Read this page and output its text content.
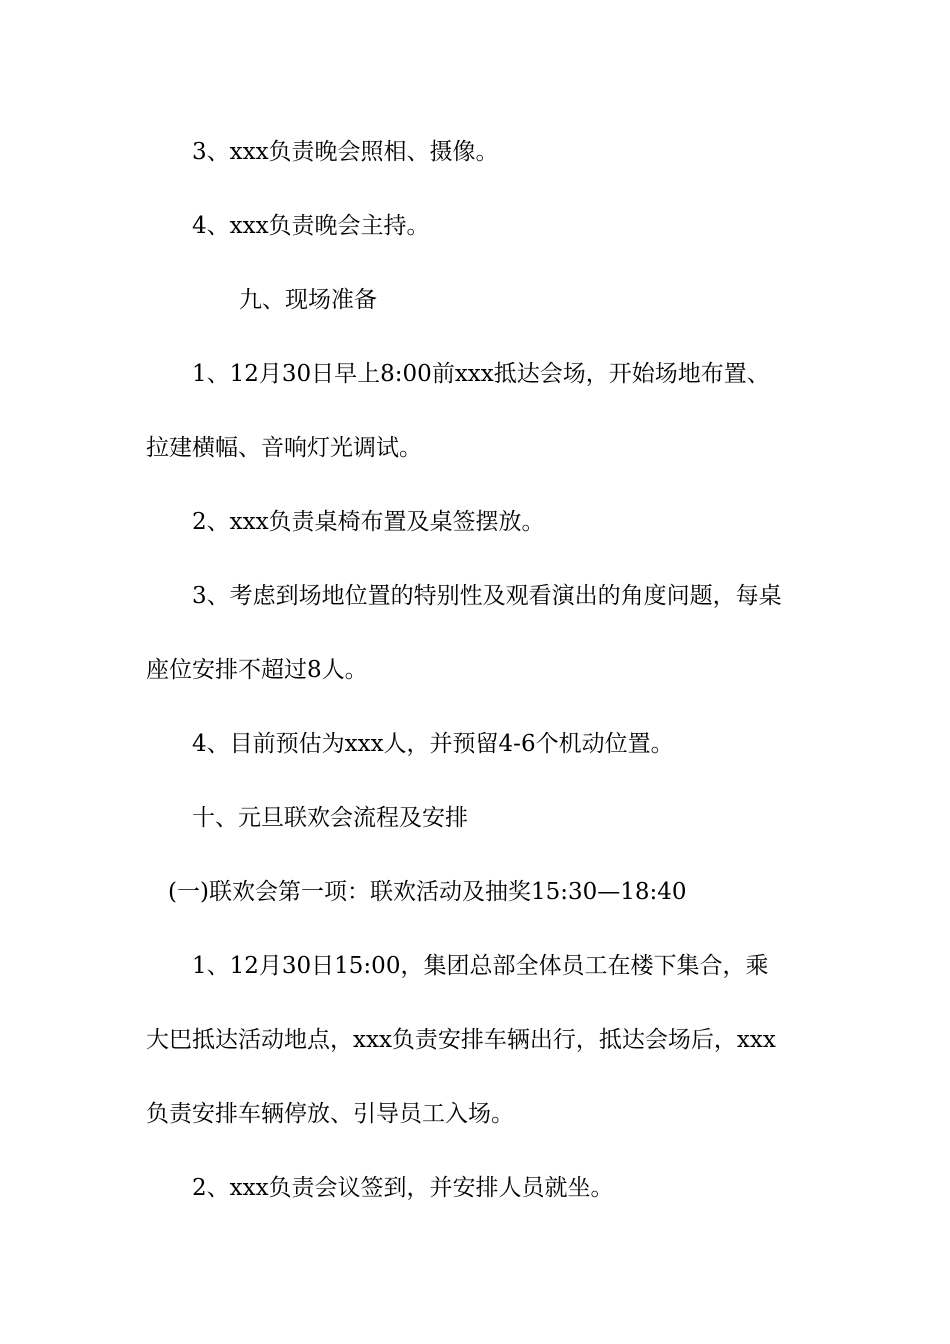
3、xxx负责晚会照相、摄像。

4、xxx负责晚会主持。

九、现场准备

1、12月30日早上8:00前xxx抵达会场，开始场地布置、

拉建横幅、音响灯光调试。

2、xxx负责桌椅布置及桌签摆放。

3、考虑到场地位置的特别性及观看演出的角度问题，每桌

座位安排不超过8人。

4、目前预估为xxx人，并预留4-6个机动位置。

十、元旦联欢会流程及安排

(一)联欢会第一项：联欢活动及抽奖15:30—18:40

1、12月30日15:00，集团总部全体员工在楼下集合，乘

大巴抵达活动地点，xxx负责安排车辆出行，抵达会场后，xxx

负责安排车辆停放、引导员工入场。

2、xxx负责会议签到，并安排人员就坐。
